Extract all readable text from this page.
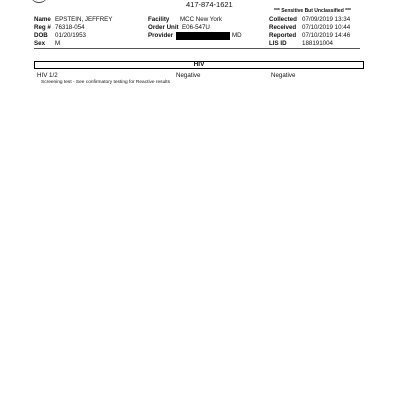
417-874-1621
*** Sensitive But Unclassified ***
Name EPSTEIN, JEFFREY
Reg # 76318-054
DOB 01/20/1953
Sex M
Facility MCC New York
Order Unit E06-547U
Provider	MD
Collected 07/09/2019 13:34
Received 07/10/2019 10:44
Reported 07/10/2019 14:46
LIS ID 188191004
HIV
HIV 1/2	Negative	Negative
Screening test - See confirmatory testing for Reactive results
